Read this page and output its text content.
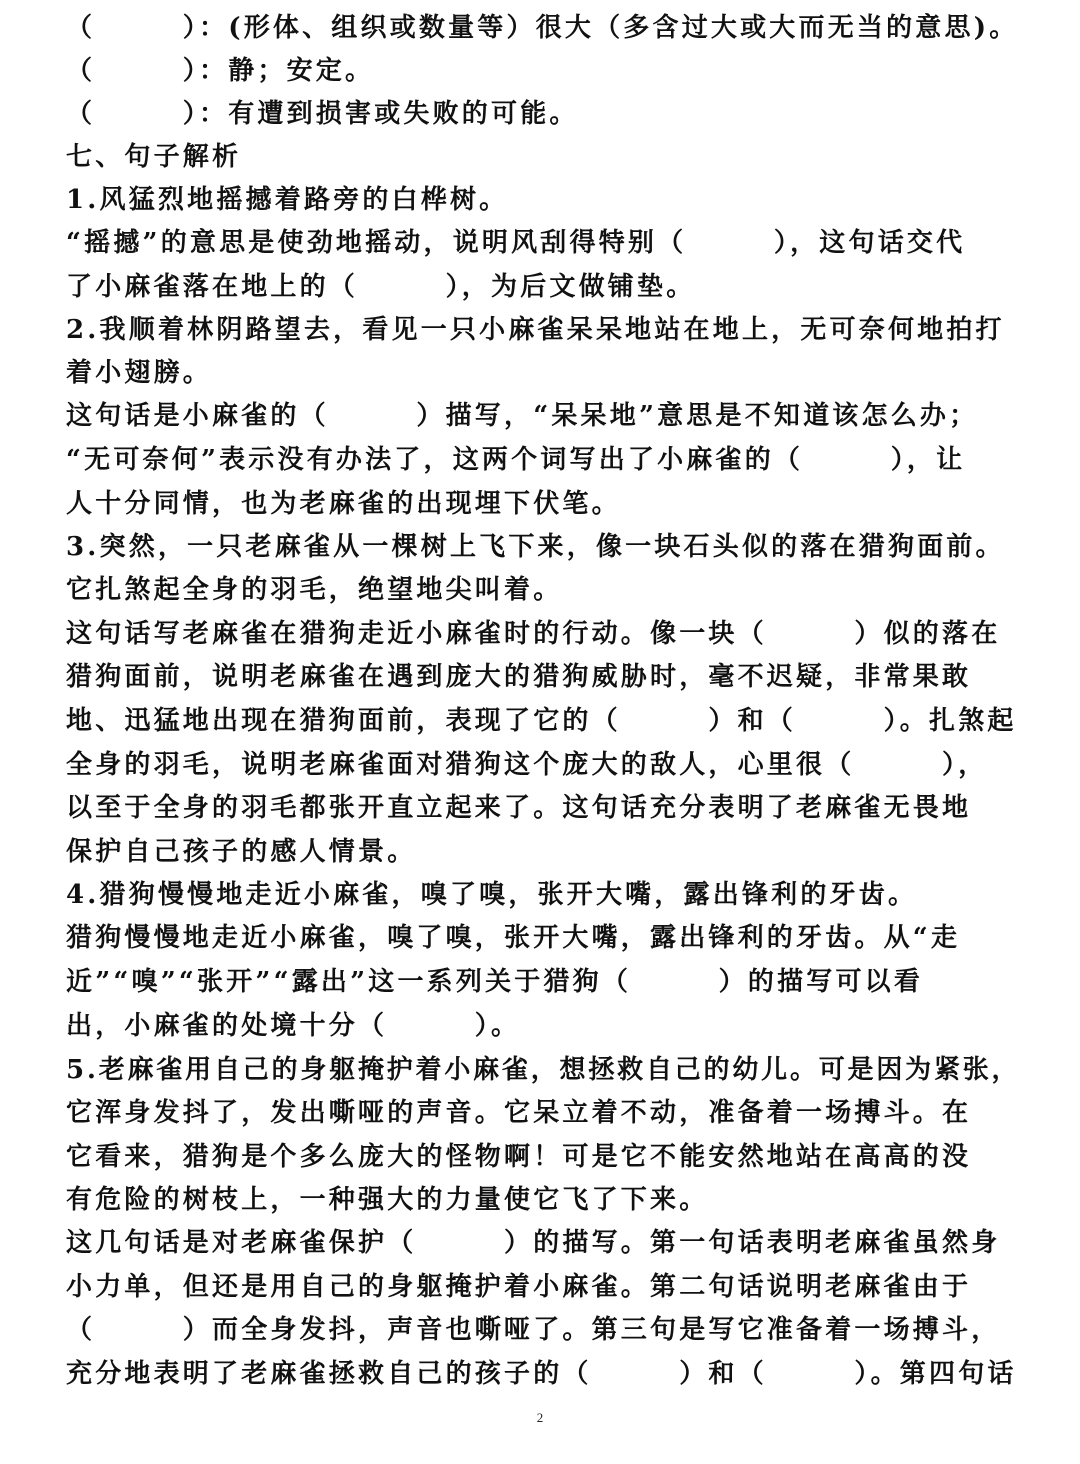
（　　　）：(形体、组织或数量等）很大（多含过大或大而无当的意思)。
（　　　）：静；安定。
（　　　）：有遭到损害或失败的可能。
七、句子解析
1.风猛烈地摇撼着路旁的白桦树。
“摇撼”的意思是使劲地摇动，说明风刮得特别（　　　），这句话交代
了小麻雀落在地上的（　　　），为后文做铺垫。
2.我顺着林阴路望去，看见一只小麻雀呆呆地站在地上，无可奈何地拍打
着小翅膀。
这句话是小麻雀的（　　　）描写，“呆呆地”意思是不知道该怎么办；
“无可奈何”表示没有办法了，这两个词写出了小麻雀的（　　　），让
人十分同情，也为老麻雀的出现埋下伏笔。
3.突然，一只老麻雀从一棵树上飞下来，像一块石头似的落在猎狗面前。
它扎煞起全身的羽毛，绝望地尖叫着。
这句话写老麻雀在猎狗走近小麻雀时的行动。像一块（　　　）似的落在
猎狗面前，说明老麻雀在遇到庞大的猎狗威胁时，毫不迟疑，非常果敢
地、迅猛地出现在猎狗面前，表现了它的（　　　）和（　　　）。扎煞起
全身的羽毛，说明老麻雀面对猎狗这个庞大的敌人，心里很（　　　），
以至于全身的羽毛都张开直立起来了。这句话充分表明了老麻雀无畏地
保护自己孩子的感人情景。
4.猎狗慢慢地走近小麻雀，嗅了嗅，张开大嘴，露出锋利的牙齿。
猎狗慢慢地走近小麻雀，嗅了嗅，张开大嘴，露出锋利的牙齿。从“走
近”“嗅”“张开”“露出”这一系列关于猎狗（　　　）的描写可以看
出，小麻雀的处境十分（　　　）。
5.老麻雀用自己的身躯掩护着小麻雀，想拯救自己的幼儿。可是因为紧张，
它浑身发抖了，发出嘶哑的声音。它呆立着不动，准备着一场搏斗。在
它看来，猎狗是个多么庞大的怪物啊！可是它不能安然地站在高高的没
有危险的树枝上，一种强大的力量使它飞了下来。
这几句话是对老麻雀保护（　　　）的描写。第一句话表明老麻雀虽然身
小力单，但还是用自己的身躯掩护着小麻雀。第二句话说明老麻雀由于
（　　　）而全身发抖，声音也嘶哑了。第三句是写它准备着一场搏斗，
充分地表明了老麻雀拯救自己的孩子的（　　　）和（　　　）。第四句话
2
